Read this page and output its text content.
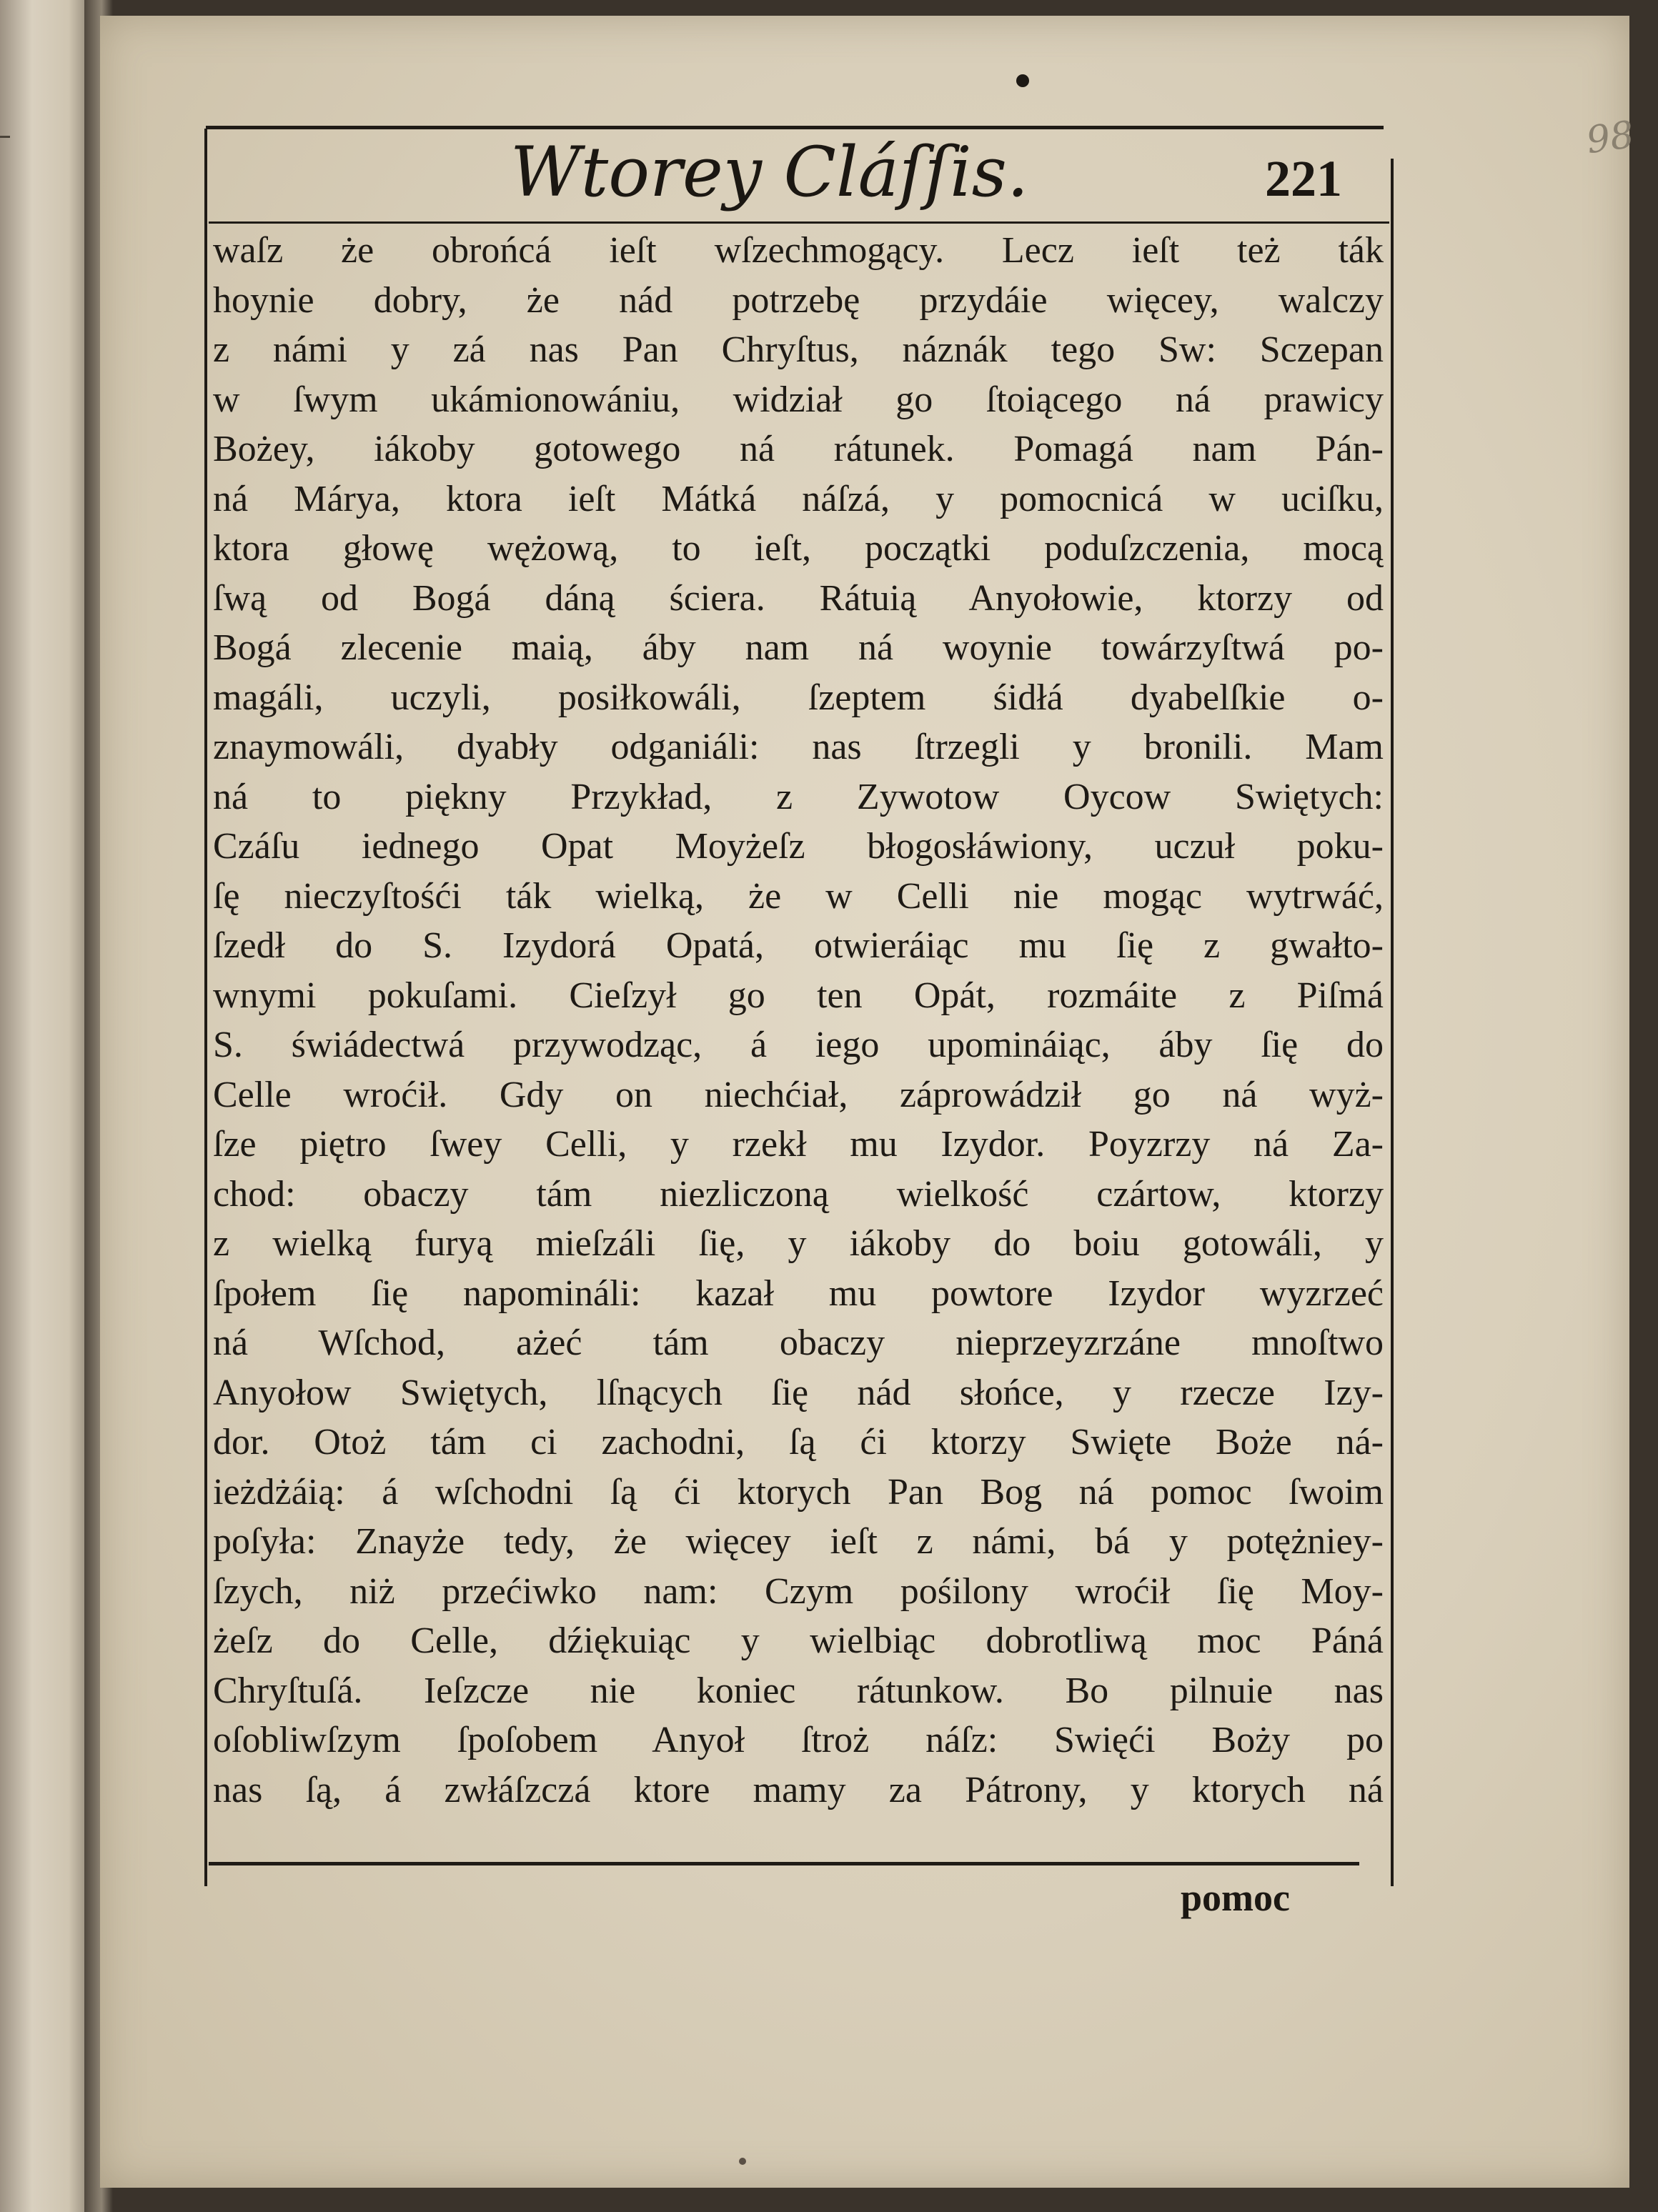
98
Wtorey Cláſſis.	221
waſz że obrońcá ieſt wſzechmogący. Lecz ieſt też ták
hoynie dobry, że nád potrzebę przydáie więcey, walczy
z námi y zá nas Pan Chryſtus, náznák tego Sw: Sczepan
w ſwym ukámionowániu, widział go ſtoiącego ná prawicy
Bożey, iákoby gotowego ná rátunek. Pomagá nam Pán-
ná Márya, ktora ieſt Mátká náſzá, y pomocnicá w uciſku,
ktora głowę wężową, to ieſt, początki poduſzczenia, mocą
ſwą od Bogá dáną ściera. Rátuią Anyołowie, ktorzy od
Bogá zlecenie maią, áby nam ná woynie towárzyſtwá po-
magáli, uczyli, posiłkowáli, ſzeptem śidłá dyabelſkie o-
znaymowáli, dyabły odganiáli: nas ſtrzegli y bronili. Mam
ná to piękny Przykład, z Zywotow Oycow Swiętych:
Czáſu iednego Opat Moyżeſz błogosłáwiony, uczuł poku-
ſę nieczyſtośći ták wielką, że w Celli nie mogąc wytrwáć,
ſzedł do S. Izydorá Opatá, otwieráiąc mu ſię z gwałto-
wnymi pokuſami. Cieſzył go ten Opát, rozmáite z Piſmá
S. świádectwá przywodząc, á iego upomináiąc, áby ſię do
Celle wroćił. Gdy on niechćiał, záprowádził go ná wyż-
ſze piętro ſwey Celli, y rzekł mu Izydor. Poyzrzy ná Za-
chod: obaczy tám niezliczoną wielkość czártow, ktorzy
z wielką furyą mieſzáli ſię, y iákoby do boiu gotowáli, y
ſpołem ſię napomináli: kazał mu powtore Izydor wyzrzeć
ná Wſchod, ażeć tám obaczy nieprzeyzrzáne mnoſtwo
Anyołow Swiętych, lſnących ſię nád słońce, y rzecze Izy-
dor. Otoż tám ci zachodni, ſą ći ktorzy Swięte Boże ná-
ieżdżáią: á wſchodni ſą ći ktorych Pan Bog ná pomoc ſwoim
poſyła: Znayże tedy, że więcey ieſt z námi, bá y potężniey-
ſzych, niż przećiwko nam: Czym pośilony wroćił ſię Moy-
żeſz do Celle, dźiękuiąc y wielbiąc dobrotliwą moc Páná
Chryſtuſá. Ieſzcze nie koniec rátunkow. Bo pilnuie nas
oſobliwſzym ſpoſobem Anyoł ſtroż náſz: Swięći Boży po
nas ſą, á zwłáſzczá ktore mamy za Pátrony, y ktorych ná
pomoc
